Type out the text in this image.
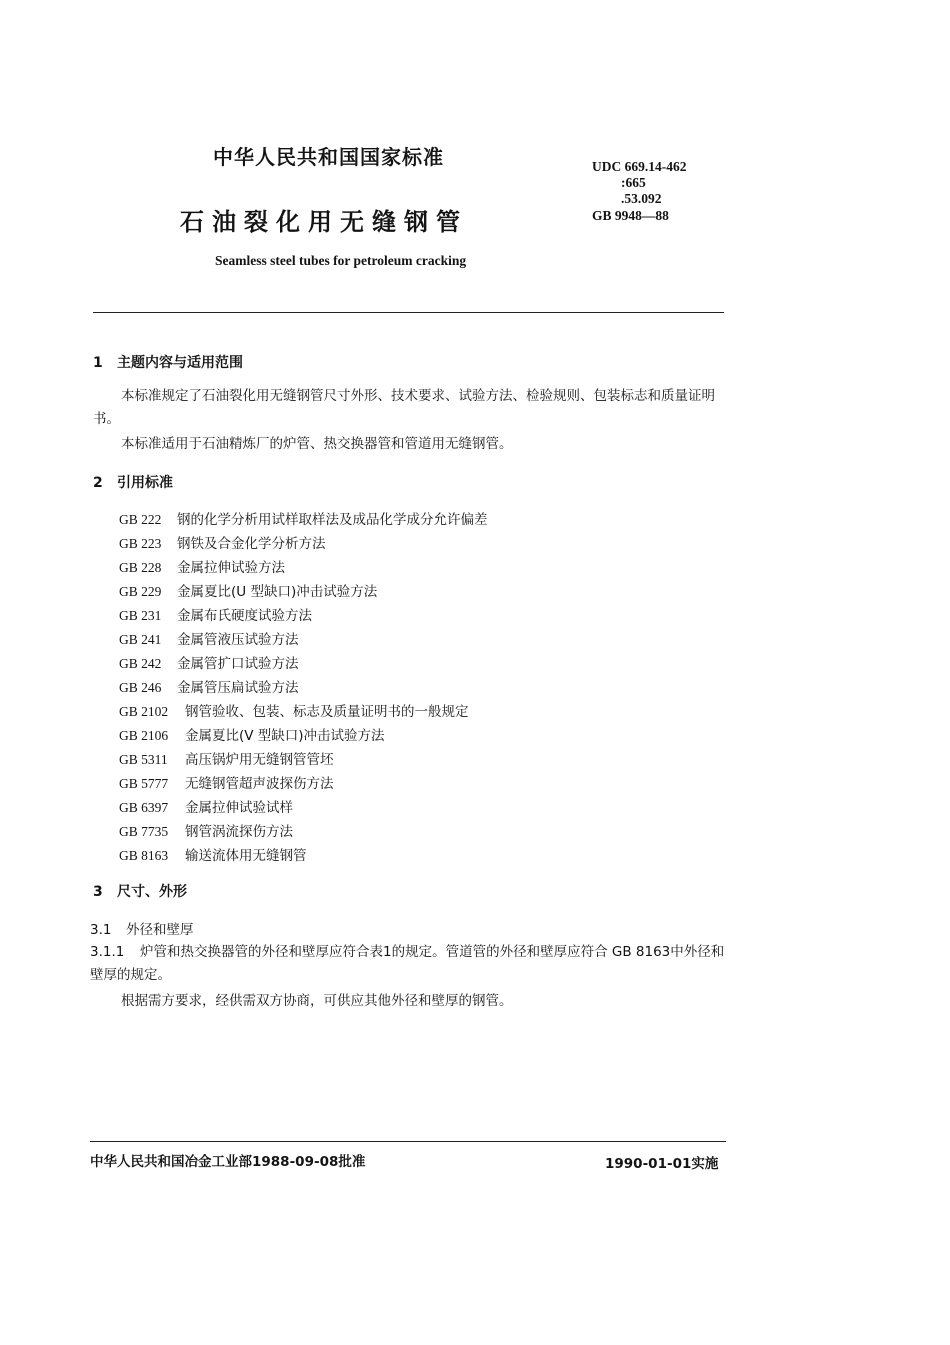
中华人民共和国国家标准
石油裂化用无缝钢管
Seamless steel tubes for petroleum cracking
UDC 669.14-462
:665
.53.092
GB 9948—88
1 主题内容与适用范围
本标准规定了石油裂化用无缝钢管尺寸外形、技术要求、试验方法、检验规则、包装标志和质量证明书。
本标准适用于石油精炼厂的炉管、热交换器管和管道用无缝钢管。
2 引用标准
GB 222 钢的化学分析用试样取样法及成品化学成分允许偏差
GB 223 钢铁及合金化学分析方法
GB 228 金属拉伸试验方法
GB 229 金属夏比(U 型缺口)冲击试验方法
GB 231 金属布氏硬度试验方法
GB 241 金属管液压试验方法
GB 242 金属管扩口试验方法
GB 246 金属管压扁试验方法
GB 2102 钢管验收、包装、标志及质量证明书的一般规定
GB 2106 金属夏比(V 型缺口)冲击试验方法
GB 5311 高压锅炉用无缝钢管管坯
GB 5777 无缝钢管超声波探伤方法
GB 6397 金属拉伸试验试样
GB 7735 钢管涡流探伤方法
GB 8163 输送流体用无缝钢管
3 尺寸、外形
3.1 外径和壁厚
3.1.1 炉管和热交换器管的外径和壁厚应符合表1的规定。管道管的外径和壁厚应符合 GB 8163中外径和壁厚的规定。
根据需方要求，经供需双方协商，可供应其他外径和壁厚的钢管。
中华人民共和国冶金工业部1988-09-08批准	1990-01-01实施
